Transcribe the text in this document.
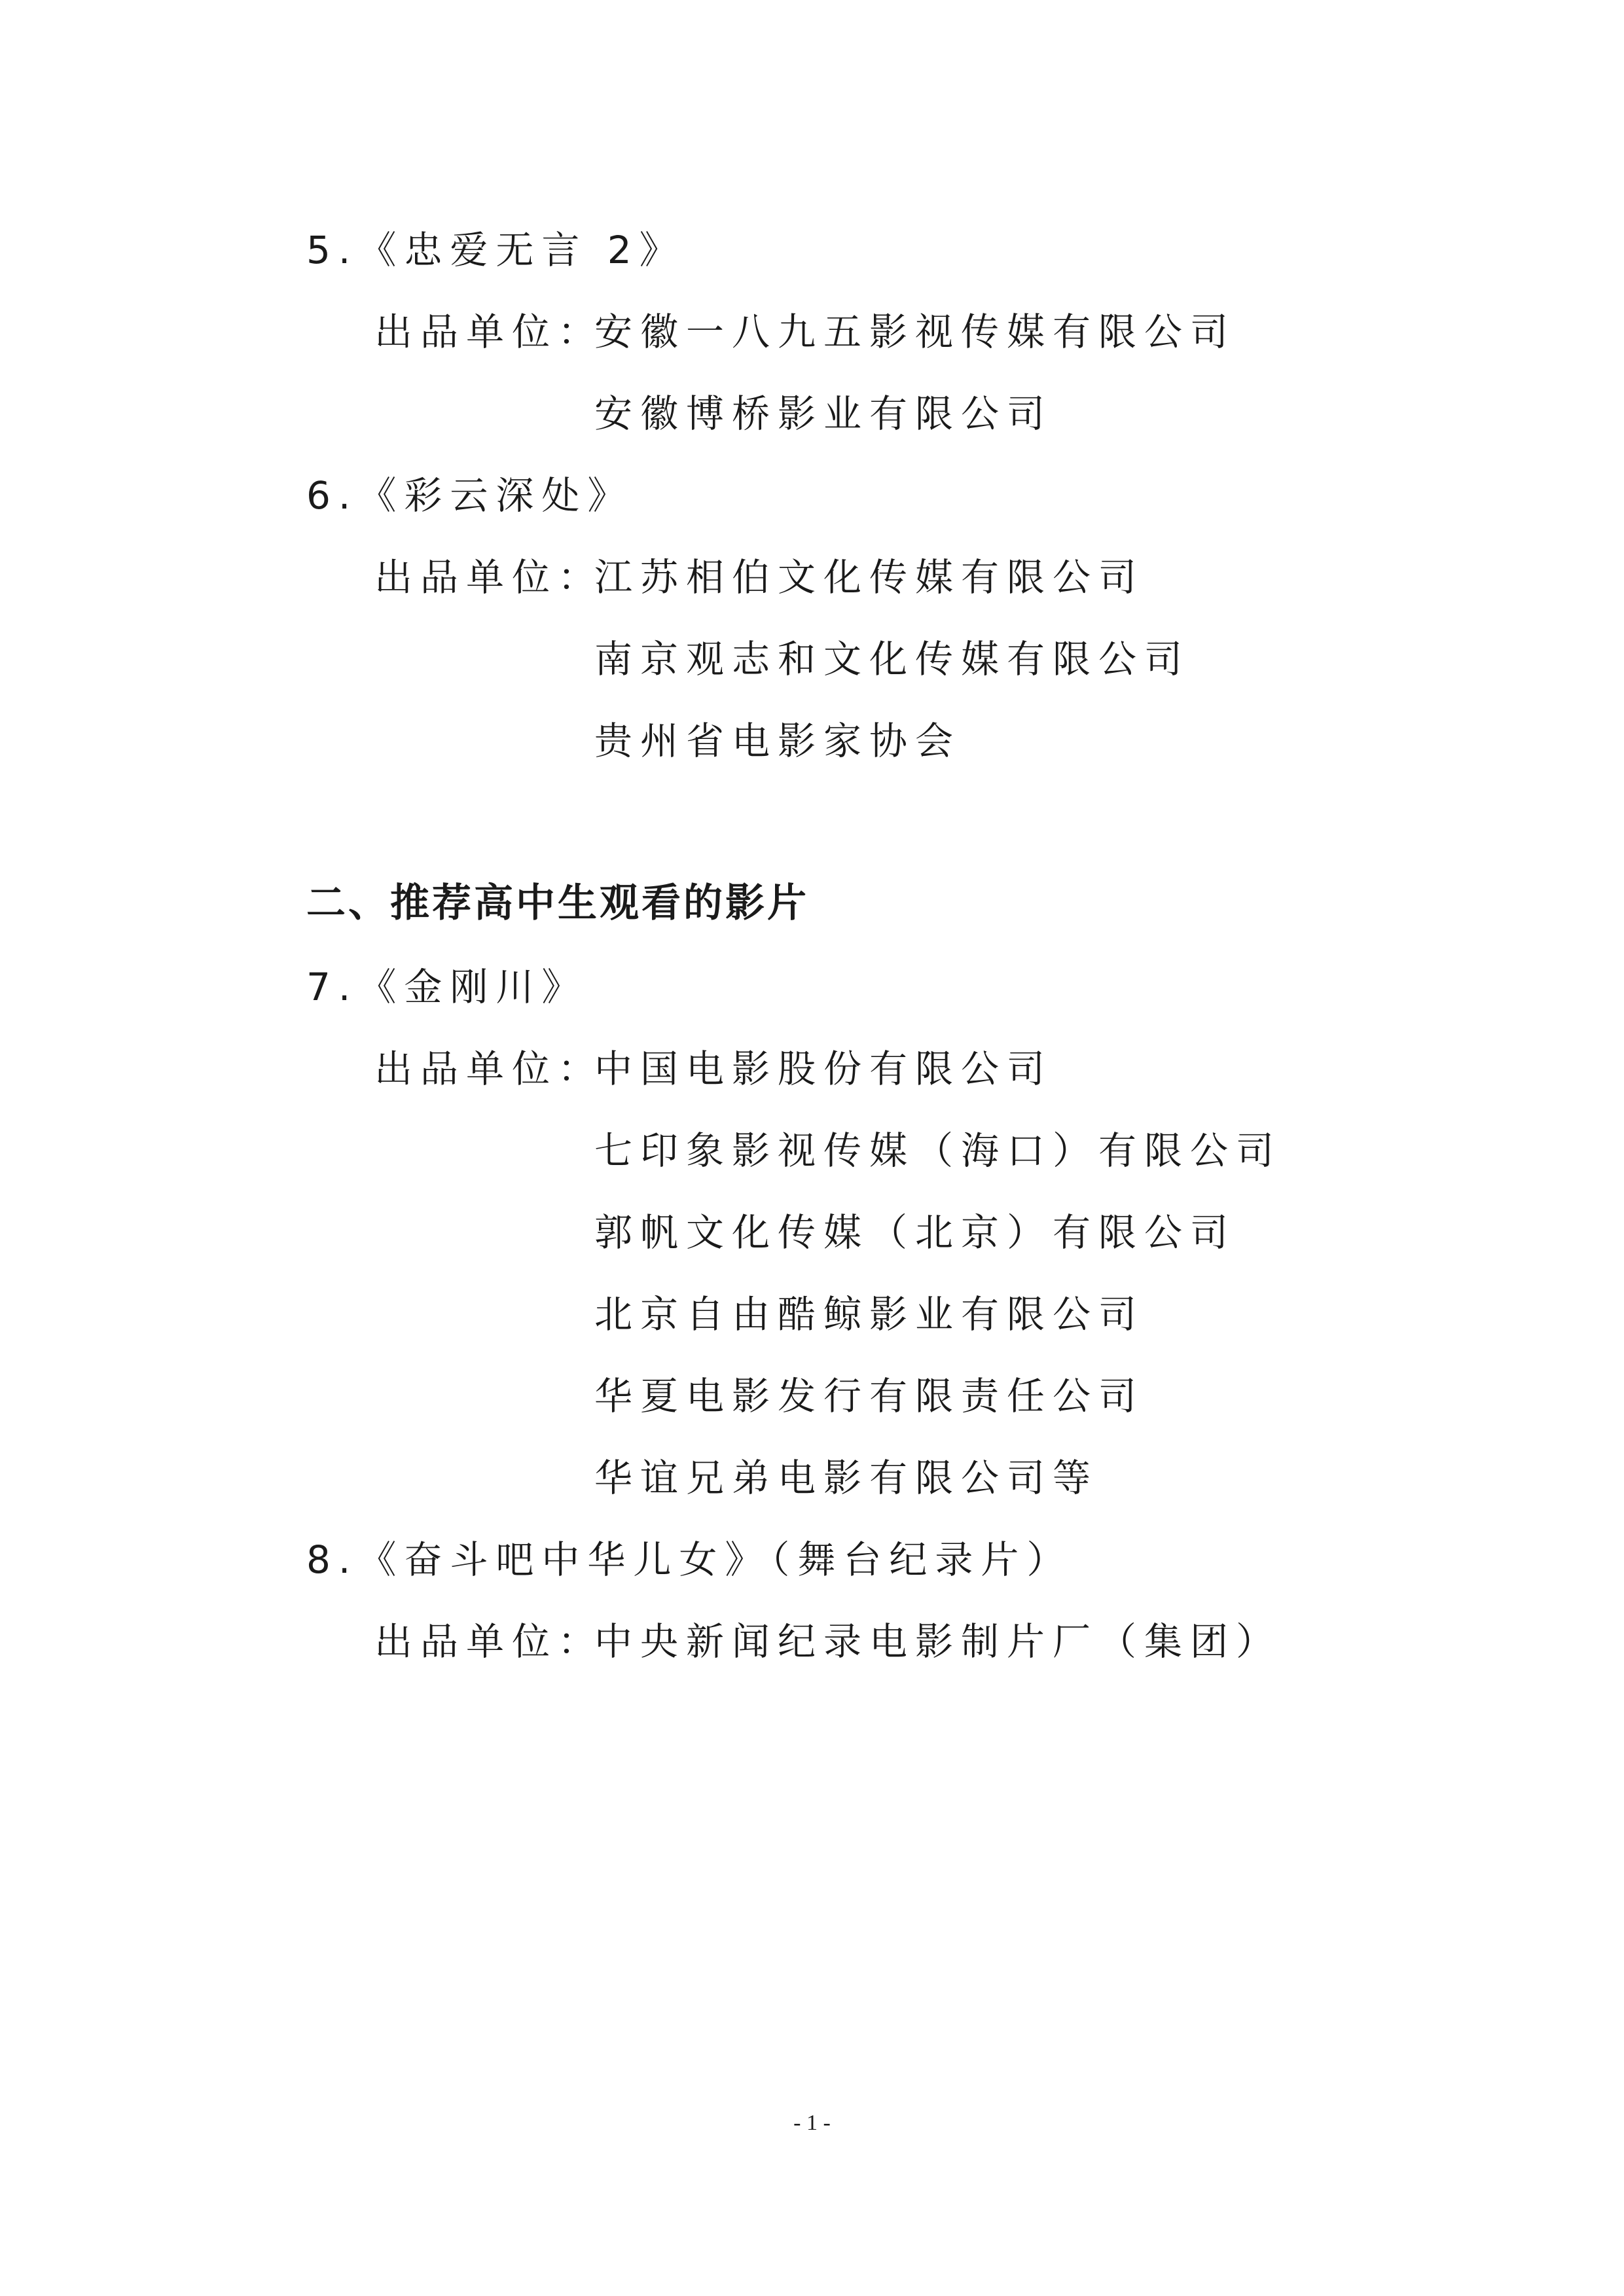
5.《忠爱无言 2》
出品单位：
安徽一八九五影视传媒有限公司
安徽博桥影业有限公司
6.《彩云深处》
出品单位：
江苏相伯文化传媒有限公司
南京观志和文化传媒有限公司
贵州省电影家协会
二、推荐高中生观看的影片
7.《金刚川》
出品单位：
中国电影股份有限公司
七印象影视传媒（海口）有限公司
郭帆文化传媒（北京）有限公司
北京自由酷鲸影业有限公司
华夏电影发行有限责任公司
华谊兄弟电影有限公司等
8.《奋斗吧中华儿女》（舞台纪录片）
出品单位：
中央新闻纪录电影制片厂（集团）
- 1 -
